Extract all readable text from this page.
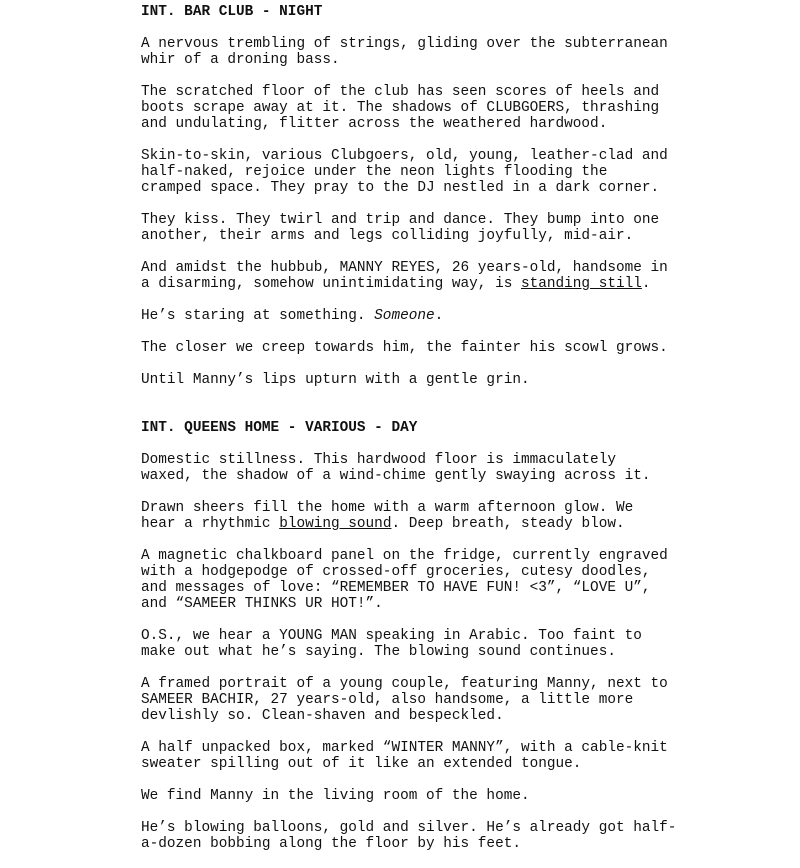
INT. BAR CLUB - NIGHT
A nervous trembling of strings, gliding over the subterranean
whir of a droning bass.
The scratched floor of the club has seen scores of heels and
boots scrape away at it. The shadows of CLUBGOERS, thrashing
and undulating, flitter across the weathered hardwood.
Skin-to-skin, various Clubgoers, old, young, leather-clad and
half-naked, rejoice under the neon lights flooding the
cramped space. They pray to the DJ nestled in a dark corner.
They kiss. They twirl and trip and dance. They bump into one
another, their arms and legs colliding joyfully, mid-air.
And amidst the hubbub, MANNY REYES, 26 years-old, handsome in
a disarming, somehow unintimidating way, is standing still.
He’s staring at something. Someone.
The closer we creep towards him, the fainter his scowl grows.
Until Manny’s lips upturn with a gentle grin.
INT. QUEENS HOME - VARIOUS - DAY
Domestic stillness. This hardwood floor is immaculately
waxed, the shadow of a wind-chime gently swaying across it.
Drawn sheers fill the home with a warm afternoon glow. We
hear a rhythmic blowing sound. Deep breath, steady blow.
A magnetic chalkboard panel on the fridge, currently engraved
with a hodgepodge of crossed-off groceries, cutesy doodles,
and messages of love: “REMEMBER TO HAVE FUN! <3”, “LOVE U”,
and “SAMEER THINKS UR HOT!”.
O.S., we hear a YOUNG MAN speaking in Arabic. Too faint to
make out what he’s saying. The blowing sound continues.
A framed portrait of a young couple, featuring Manny, next to
SAMEER BACHIR, 27 years-old, also handsome, a little more
devlishly so. Clean-shaven and bespeckled.
A half unpacked box, marked “WINTER MANNY”, with a cable-knit
sweater spilling out of it like an extended tongue.
We find Manny in the living room of the home.
He’s blowing balloons, gold and silver. He’s already got half-
a-dozen bobbing along the floor by his feet.
